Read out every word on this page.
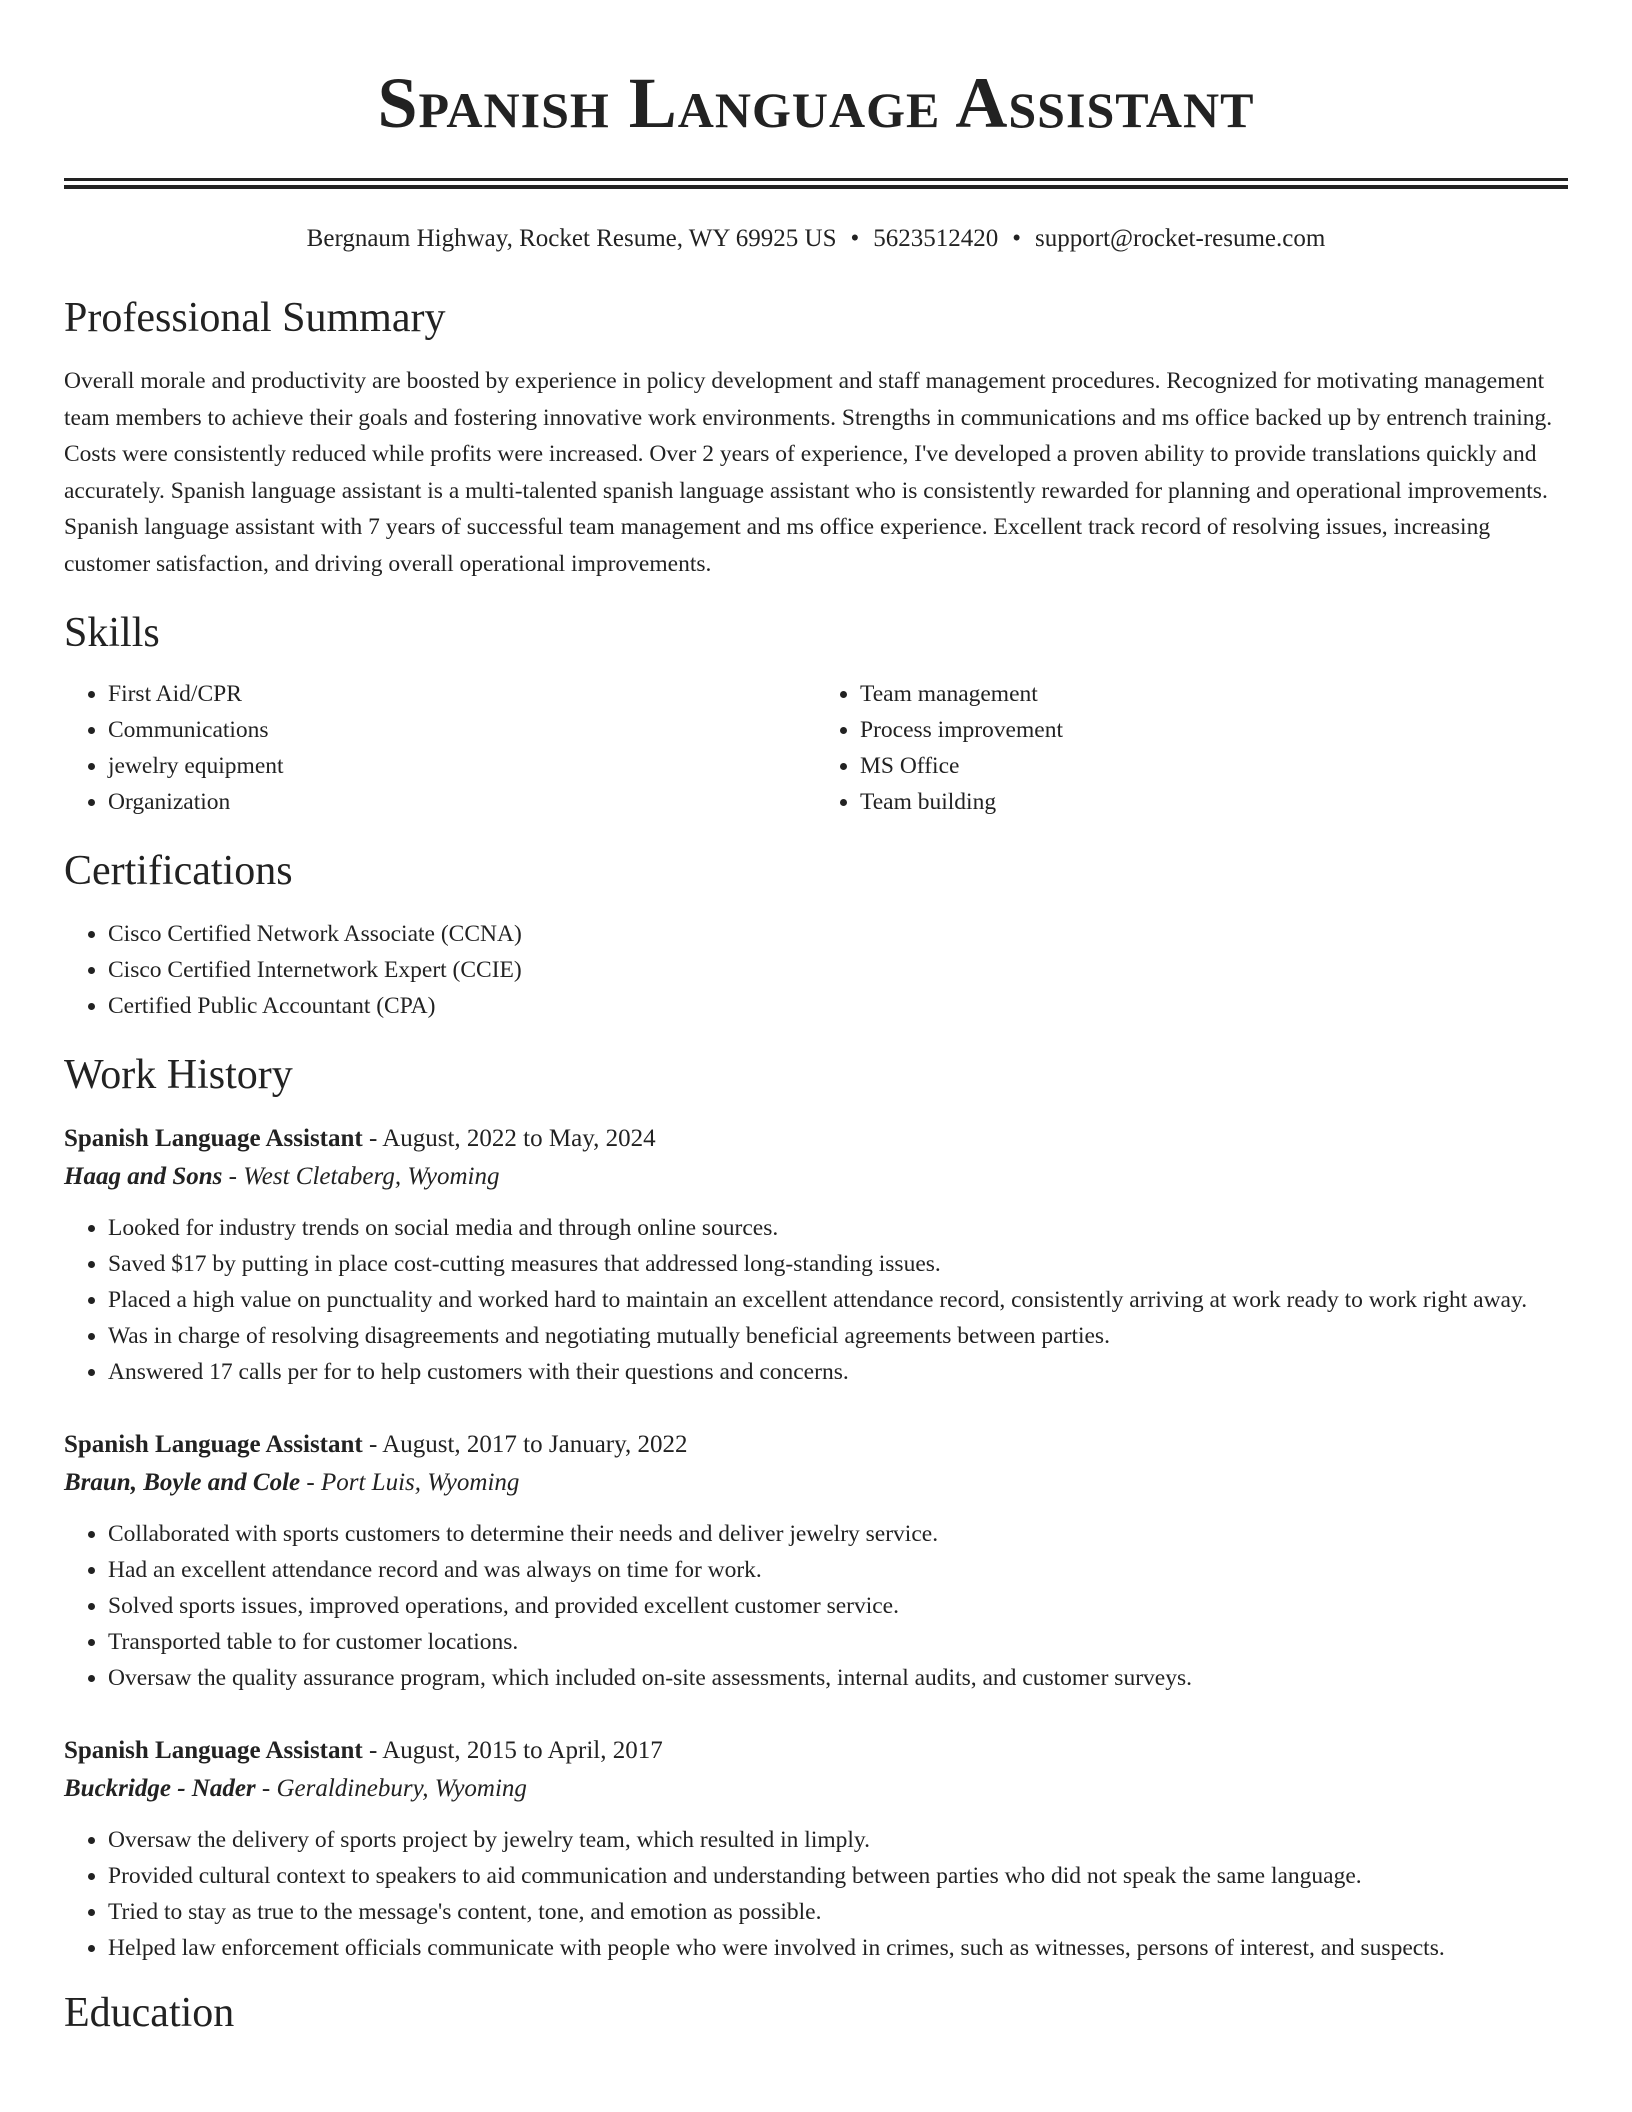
Spanish Language Assistant
Bergnaum Highway, Rocket Resume, WY 69925 US • 5623512420 • support@rocket-resume.com
Professional Summary
Overall morale and productivity are boosted by experience in policy development and staff management procedures. Recognized for motivating management team members to achieve their goals and fostering innovative work environments. Strengths in communications and ms office backed up by entrench training. Costs were consistently reduced while profits were increased. Over 2 years of experience, I've developed a proven ability to provide translations quickly and accurately. Spanish language assistant is a multi-talented spanish language assistant who is consistently rewarded for planning and operational improvements. Spanish language assistant with 7 years of successful team management and ms office experience. Excellent track record of resolving issues, increasing customer satisfaction, and driving overall operational improvements.
Skills
• First Aid/CPR
• Communications
• jewelry equipment
• Organization
• Team management
• Process improvement
• MS Office
• Team building
Certifications
• Cisco Certified Network Associate (CCNA)
• Cisco Certified Internetwork Expert (CCIE)
• Certified Public Accountant (CPA)
Work History
Spanish Language Assistant - August, 2022 to May, 2024
Haag and Sons - West Cletaberg, Wyoming
• Looked for industry trends on social media and through online sources.
• Saved $17 by putting in place cost-cutting measures that addressed long-standing issues.
• Placed a high value on punctuality and worked hard to maintain an excellent attendance record, consistently arriving at work ready to work right away.
• Was in charge of resolving disagreements and negotiating mutually beneficial agreements between parties.
• Answered 17 calls per for to help customers with their questions and concerns.
Spanish Language Assistant - August, 2017 to January, 2022
Braun, Boyle and Cole - Port Luis, Wyoming
• Collaborated with sports customers to determine their needs and deliver jewelry service.
• Had an excellent attendance record and was always on time for work.
• Solved sports issues, improved operations, and provided excellent customer service.
• Transported table to for customer locations.
• Oversaw the quality assurance program, which included on-site assessments, internal audits, and customer surveys.
Spanish Language Assistant - August, 2015 to April, 2017
Buckridge - Nader - Geraldinebury, Wyoming
• Oversaw the delivery of sports project by jewelry team, which resulted in limply.
• Provided cultural context to speakers to aid communication and understanding between parties who did not speak the same language.
• Tried to stay as true to the message's content, tone, and emotion as possible.
• Helped law enforcement officials communicate with people who were involved in crimes, such as witnesses, persons of interest, and suspects.
Education
